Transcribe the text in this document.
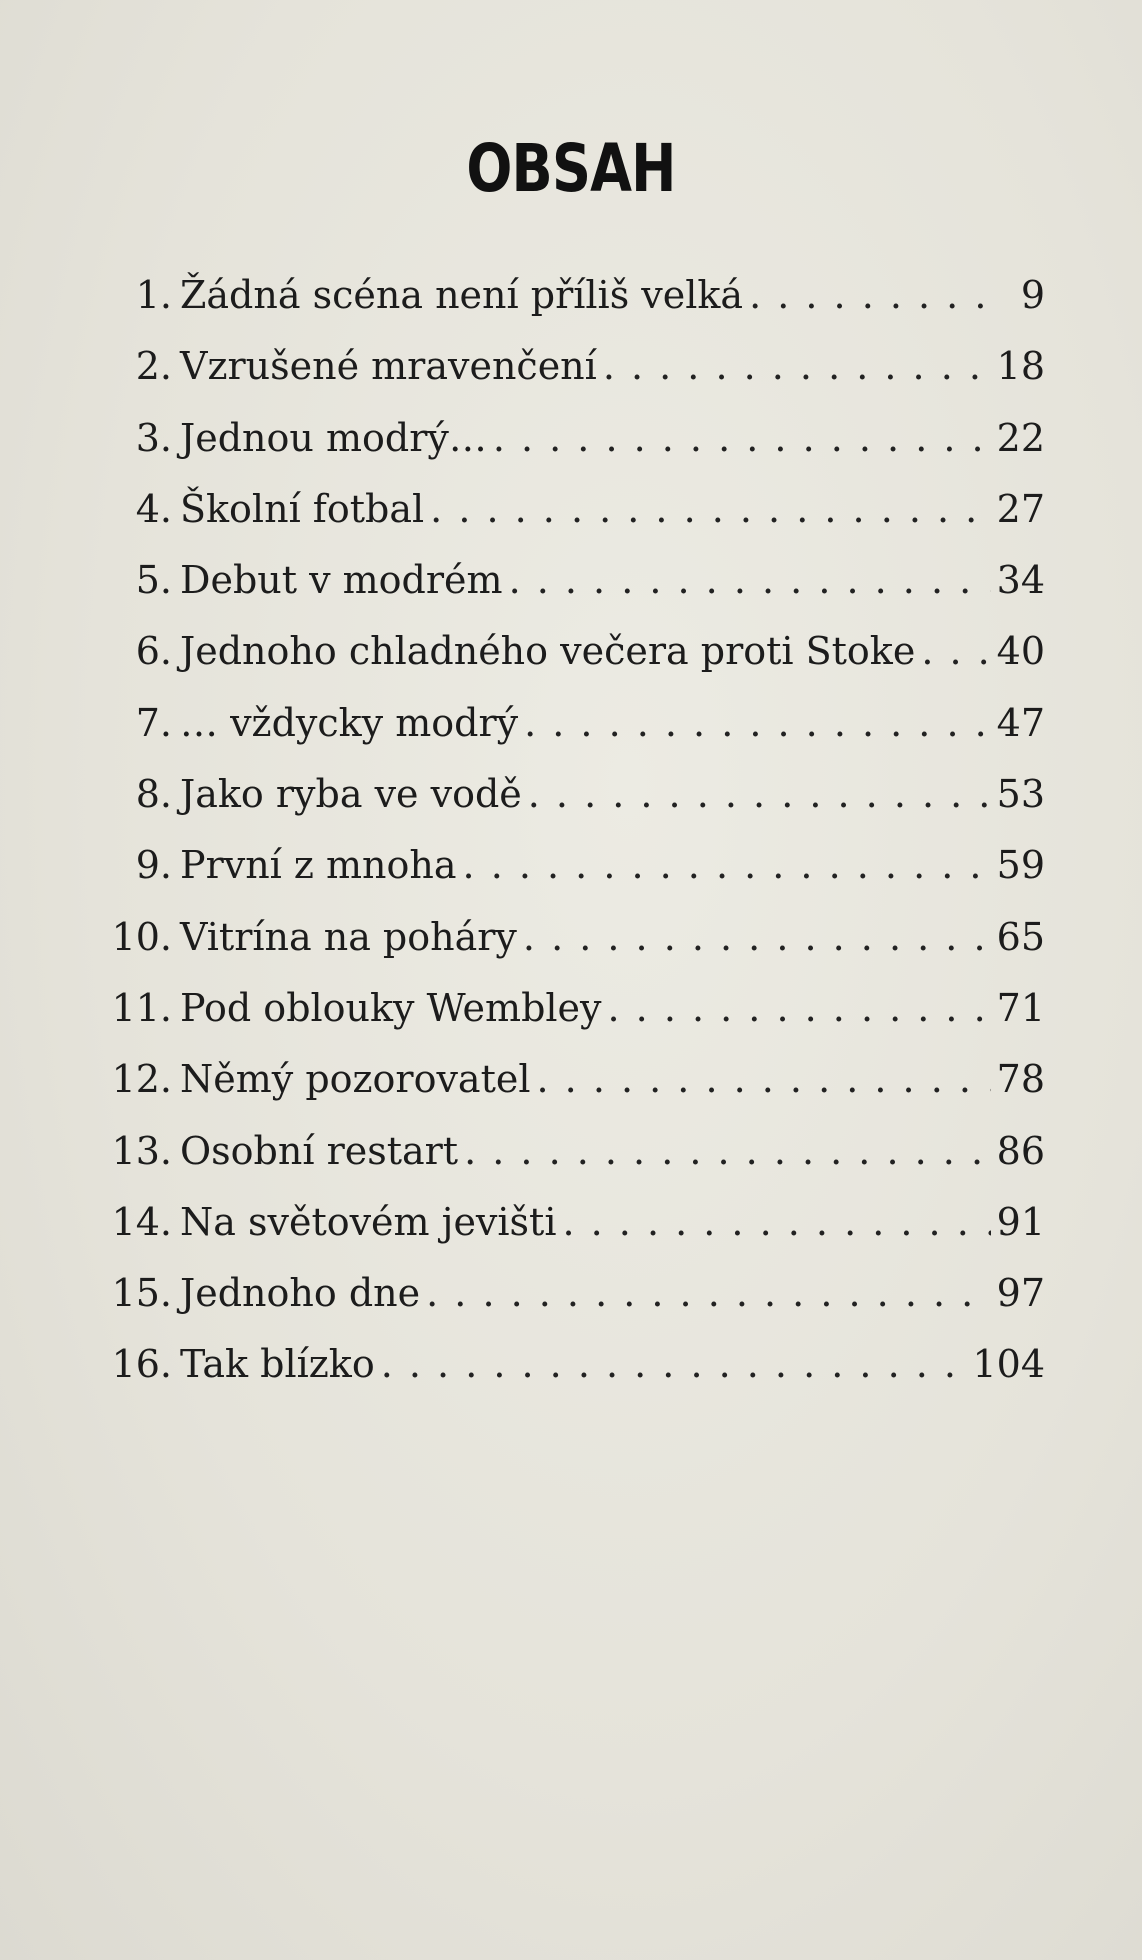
OBSAH
1. Žádná scéna není příliš velká . . .	9
2. Vzrušené mravenčení . . .	18
3. Jednou modrý… . . .	22
4. Školní fotbal . . .	27
5. Debut v modrém . . .	34
6. Jednoho chladného večera proti Stoke . . . 40
7. … vždycky modrý . . .	47
8. Jako ryba ve vodě . . .	53
9. První z mnoha . . .	59
10. Vitrína na poháry . . .	65
11. Pod oblouky Wembley . . .	71
12. Němý pozorovatel . . .	78
13. Osobní restart . . .	86
14. Na světovém jevišti . . .	91
15. Jednoho dne . . .	97
16. Tak blízko . . .	104
